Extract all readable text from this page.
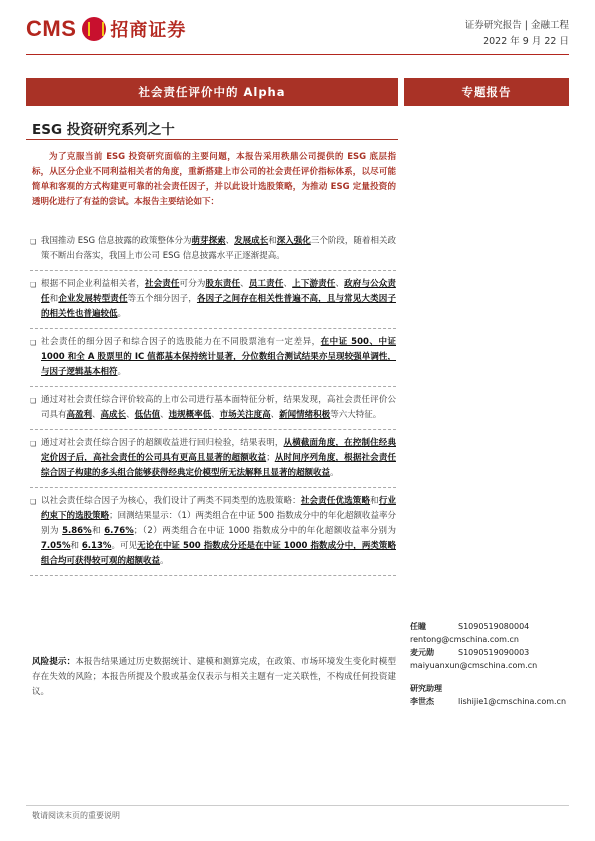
CMS 招商证券	证券研究报告 | 金融工程
2022 年 9 月 22 日
社会责任评价中的 Alpha	专题报告
ESG 投资研究系列之十
为了克服当前 ESG 投资研究面临的主要问题，本报告采用秩鼎公司提供的 ESG 底层指标，从区分企业不同利益相关者的角度，重新搭建上市公司的社会责任评价指标体系，以尽可能简单和客观的方式构建更可靠的社会责任因子，并以此设计选股策略，为推动 ESG 定量投资的透明化进行了有益的尝试。本报告主要结论如下：
❏ 我国推动 ESG 信息披露的政策整体分为萌芽探索、发展成长和深入强化三个阶段，随着相关政策不断出台落实，我国上市公司 ESG 信息披露水平正逐渐提高。
❏ 根据不同企业利益相关者，社会责任可分为股东责任、员工责任、上下游责任、政府与公众责任和企业发展转型责任等五个细分因子，各因子之间存在相关性普遍不高，且与常见大类因子的相关性也普遍较低。
❏ 社会责任的细分因子和综合因子的选股能力在不同股票池有一定差异，在中证 500、中证 1000 和全 A 股票里的 IC 值都基本保持统计显著，分位数组合测试结果亦呈现较强单调性，与因子逻辑基本相符。
❏ 通过对社会责任综合评价较高的上市公司进行基本面特征分析，结果发现，高社会责任评价公司具有高盈利、高成长、低估值、违规概率低、市场关注度高、新闻情绪积极等六大特征。
❏ 通过对社会责任综合因子的超额收益进行回归检验，结果表明，从横截面角度，在控制住经典定价因子后，高社会责任的公司具有更高且显著的超额收益；从时间序列角度，根据社会责任综合因子构建的多头组合能够获得经典定价模型所无法解释且显著的超额收益。
❏ 以社会责任综合因子为核心，我们设计了两类不同类型的选股策略：社会责任优选策略和行业约束下的选股策略；回测结果显示：（1）两类组合在中证 500 指数成分中的年化超额收益率分别为 5.86%和 6.76%；（2）两类组合在中证 1000 指数成分中的年化超额收益率分别为 7.05%和 6.13%。可见无论在中证 500 指数成分还是在中证 1000 指数成分中，两类策略组合均可获得较可观的超额收益。
风险提示：本报告结果通过历史数据统计、建模和测算完成，在政策、市场环境发生变化时模型存在失效的风险；本报告所提及个股或基金仅表示与相关主题有一定关联性，不构成任何投资建议。
任瞳	S1090519080004
rentong@cmschina.com.cn
麦元勋	S1090519090003
maiyuanxun@cmschina.com.cn
研究助理
李世杰	lishijie1@cmschina.com.cn
敬请阅读末页的重要说明
